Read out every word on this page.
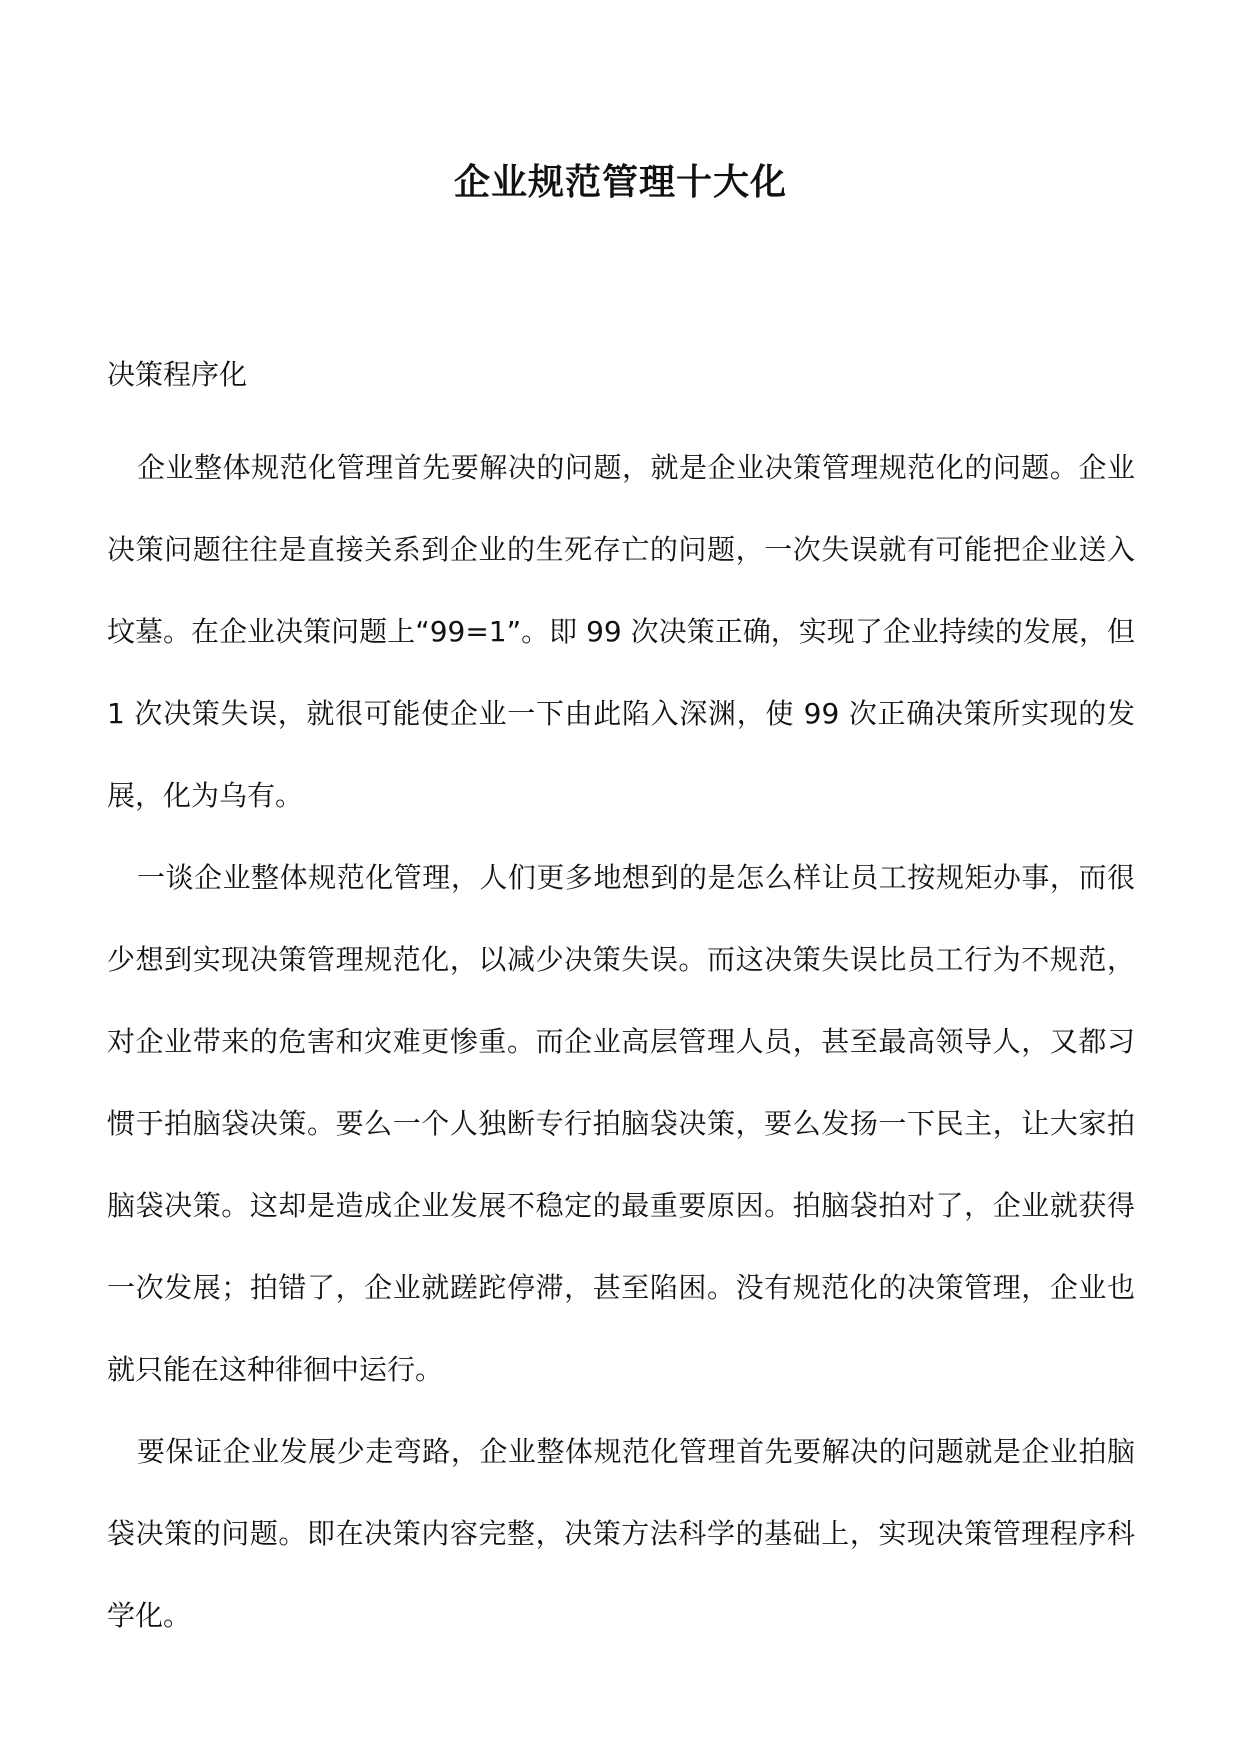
企业规范管理十大化
决策程序化

企业整体规范化管理首先要解决的问题，就是企业决策管理规范化的问题。企业决策问题往往是直接关系到企业的生死存亡的问题，一次失误就有可能把企业送入坟墓。在企业决策问题上“99=1”。即 99 次决策正确，实现了企业持续的发展，但 1 次决策失误，就很可能使企业一下由此陷入深渊，使 99 次正确决策所实现的发展，化为乌有。

一谈企业整体规范化管理，人们更多地想到的是怎么样让员工按规矩办事，而很少想到实现决策管理规范化，以减少决策失误。而这决策失误比员工行为不规范，对企业带来的危害和灾难更惨重。而企业高层管理人员，甚至最高领导人，又都习惯于拍脑袋决策。要么一个人独断专行拍脑袋决策，要么发扬一下民主，让大家拍脑袋决策。这却是造成企业发展不稳定的最重要原因。拍脑袋拍对了，企业就获得一次发展；拍错了，企业就蹉跎停滞，甚至陷困。没有规范化的决策管理，企业也就只能在这种徘徊中运行。

要保证企业发展少走弯路，企业整体规范化管理首先要解决的问题就是企业拍脑袋决策的问题。即在决策内容完整，决策方法科学的基础上，实现决策管理程序科学化。
